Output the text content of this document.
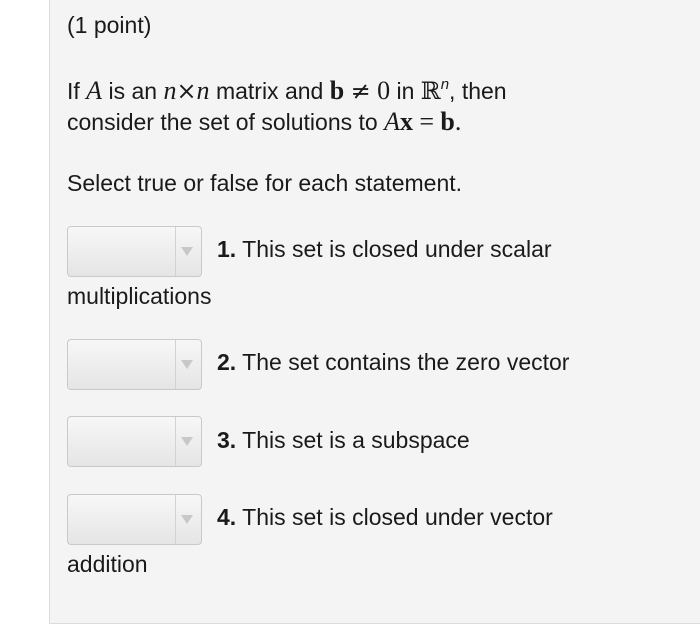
(1 point)
If A is an n×n matrix and b ≠ 0 in ℝ$^n$, then
consider the set of solutions to Ax = b.
Select true or false for each statement.
1. This set is closed under scalar
multiplications
2. The set contains the zero vector
3. This set is a subspace
4. This set is closed under vector
addition
